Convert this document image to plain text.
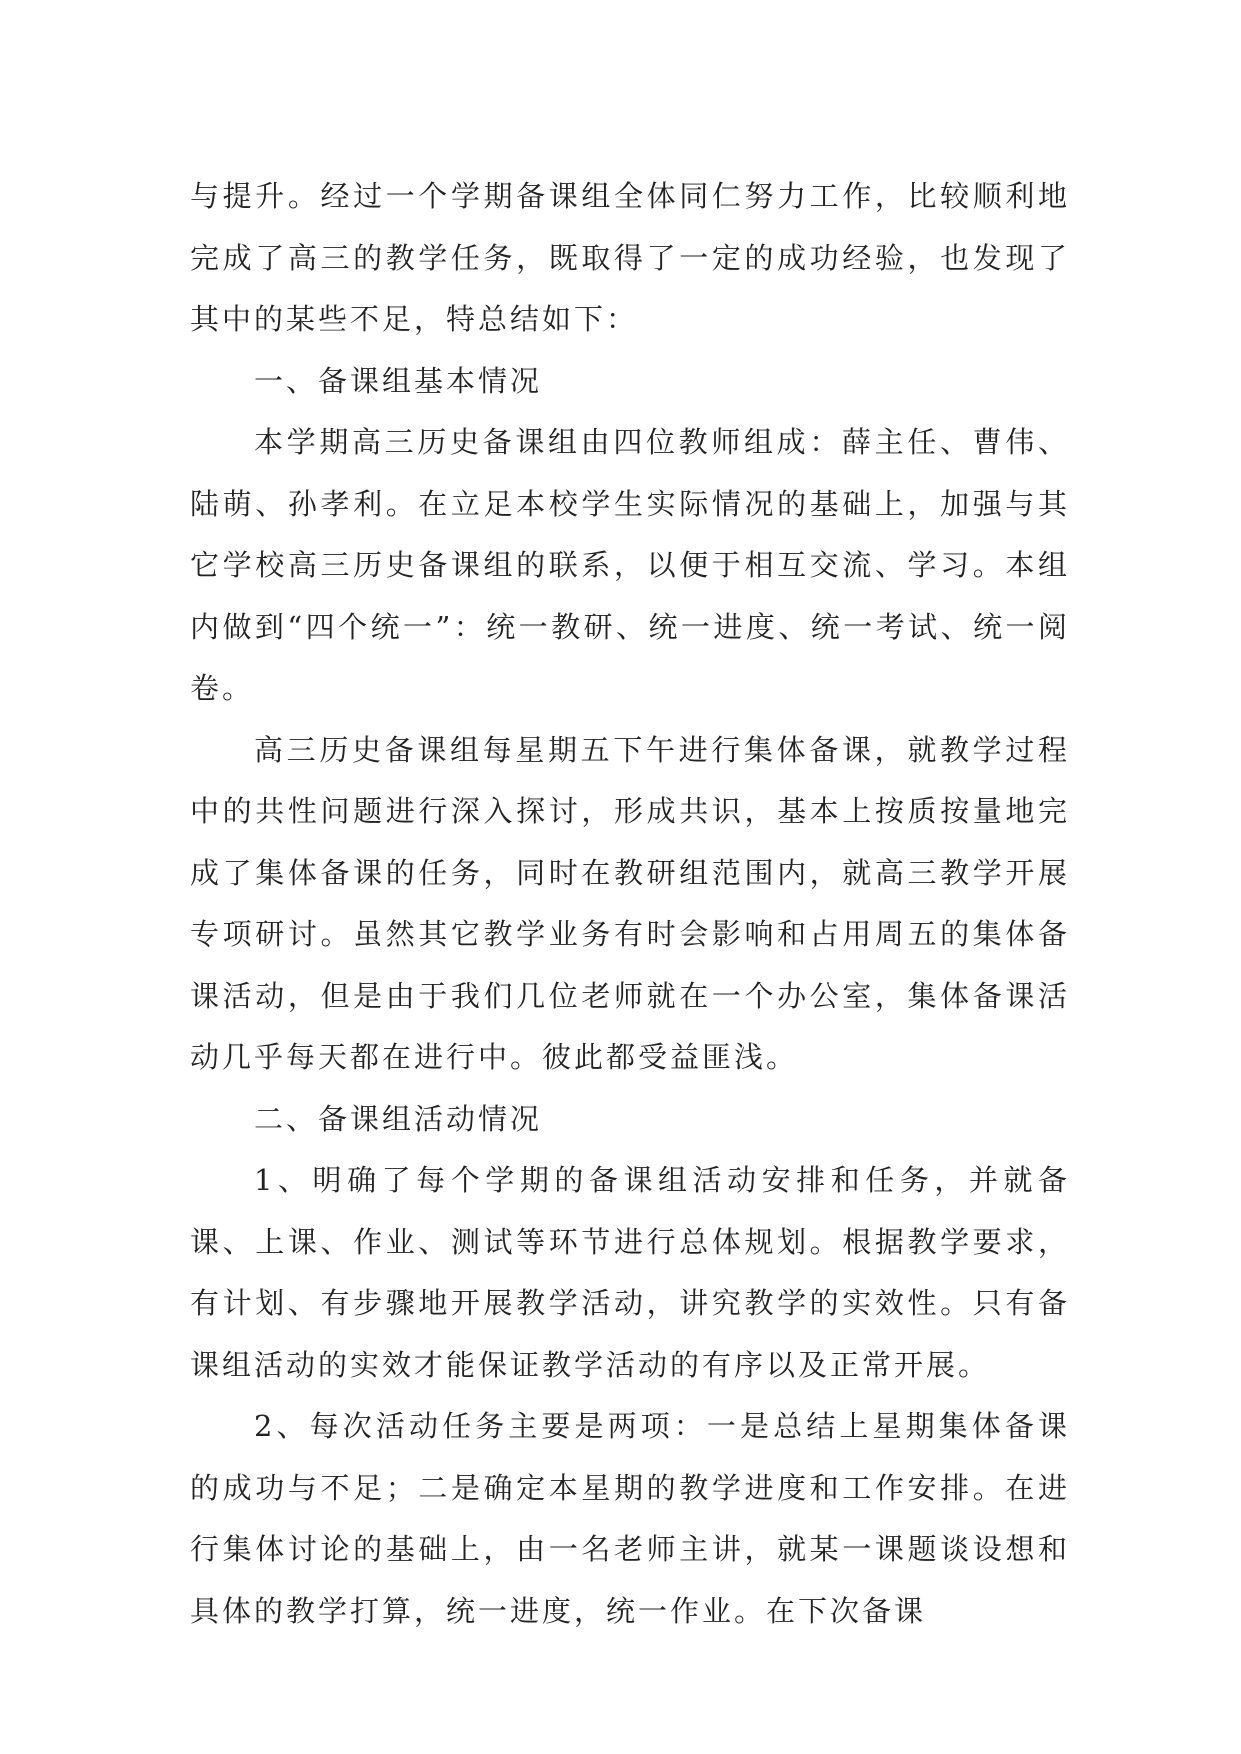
与提升。经过一个学期备课组全体同仁努力工作，比较顺利地完成了高三的教学任务，既取得了一定的成功经验，也发现了其中的某些不足，特总结如下：

一、备课组基本情况

本学期高三历史备课组由四位教师组成：薛主任、曹伟、陆萌、孙孝利。在立足本校学生实际情况的基础上，加强与其它学校高三历史备课组的联系，以便于相互交流、学习。本组内做到“四个统一”：统一教研、统一进度、统一考试、统一阅卷。

高三历史备课组每星期五下午进行集体备课，就教学过程中的共性问题进行深入探讨，形成共识，基本上按质按量地完成了集体备课的任务，同时在教研组范围内，就高三教学开展专项研讨。虽然其它教学业务有时会影响和占用周五的集体备课活动，但是由于我们几位老师就在一个办公室，集体备课活动几乎每天都在进行中。彼此都受益匪浅。

二、备课组活动情况

1、明确了每个学期的备课组活动安排和任务，并就备课、上课、作业、测试等环节进行总体规划。根据教学要求，有计划、有步骤地开展教学活动，讲究教学的实效性。只有备课组活动的实效才能保证教学活动的有序以及正常开展。

2、每次活动任务主要是两项：一是总结上星期集体备课的成功与不足；二是确定本星期的教学进度和工作安排。在进行集体讨论的基础上，由一名老师主讲，就某一课题谈设想和具体的教学打算，统一进度，统一作业。在下次备课
